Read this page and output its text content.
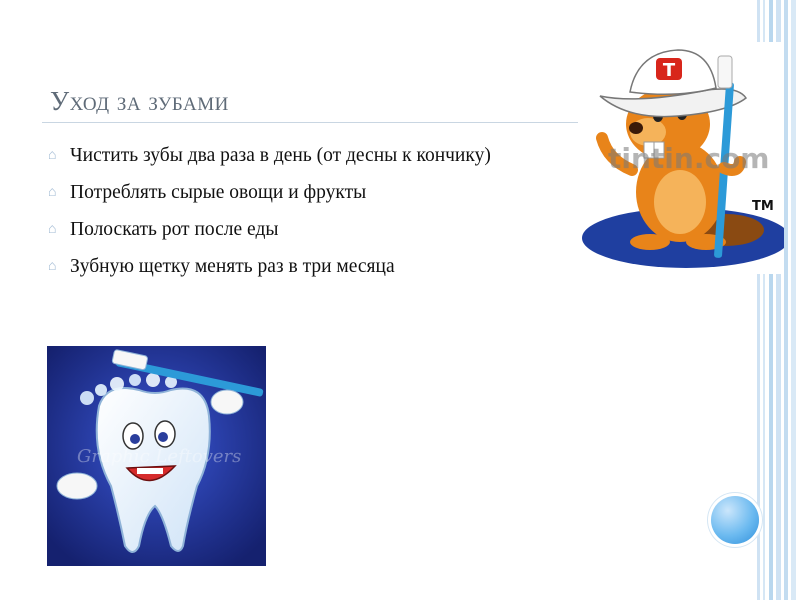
Уход за зубами
⌂ Чистить зубы два раза в день (от десны к кончику)
⌂ Потреблять сырые овощи и фрукты
⌂ Полоскать рот после еды
⌂ Зубную щетку менять раз в три месяца
T
tintin.com
TM
Graphic Leftovers
